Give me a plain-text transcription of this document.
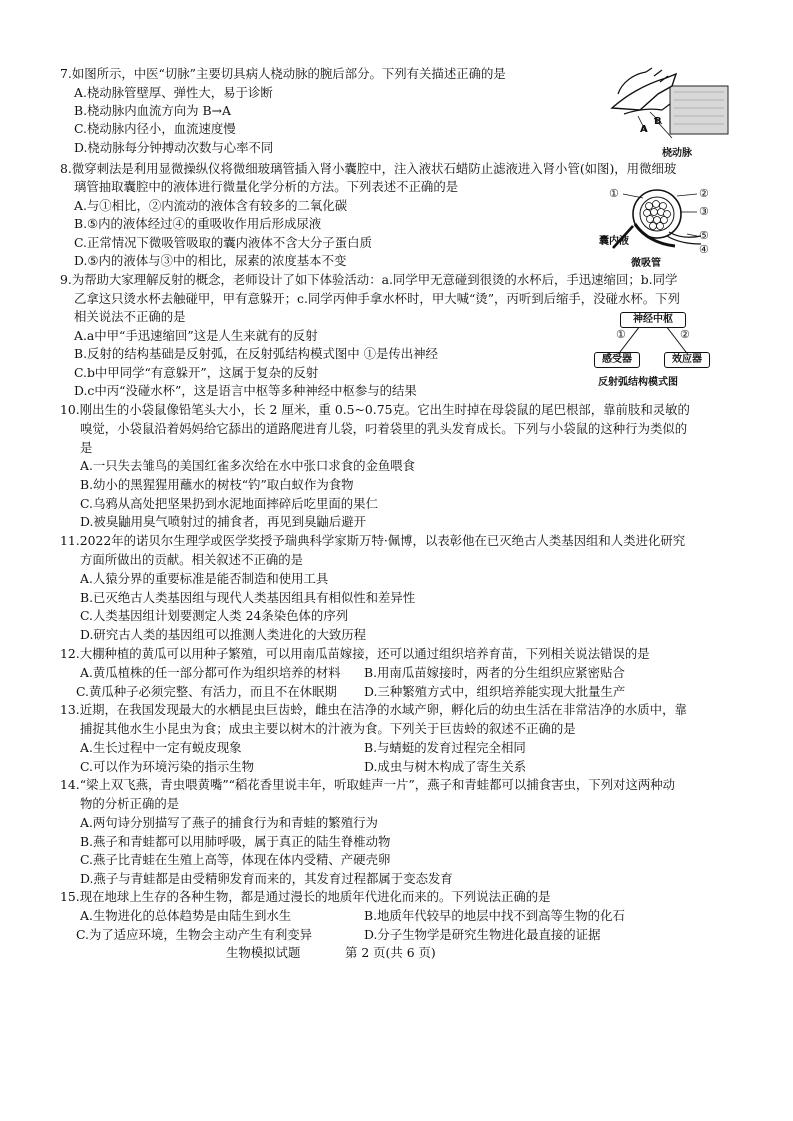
7.如图所示，中医“切脉”主要切具病人桡动脉的腕后部分。下列有关描述正确的是
A.桡动脉管壁厚、弹性大，易于诊断
B.桡动脉内血流方向为 B→A
C.桡动脉内径小，血流速度慢
D.桡动脉每分钟搏动次数与心率不同
A
B
桡动脉
8.微穿刺法是利用显微操纵仪将微细玻璃管插入肾小囊腔中，注入液状石蜡防止滤液进入肾小管(如图)，用微细玻
璃管抽取囊腔中的液体进行微量化学分析的方法。下列表述不正确的是
A.与①相比，②内流动的液体含有较多的二氧化碳
B.⑤内的液体经过④的重吸收作用后形成尿液
C.正常情况下微吸管吸取的囊内液体不含大分子蛋白质
D.⑤内的液体与③中的相比，尿素的浓度基本不变
①	②
③
⑤
④
囊内液
微吸管
9.为帮助大家理解反射的概念，老师设计了如下体验活动：a.同学甲无意碰到很烫的水杯后，手迅速缩回；b.同学
乙拿这只烫水杯去触碰甲，甲有意躲开；c.同学丙伸手拿水杯时，甲大喊“烫”，丙听到后缩手，没碰水杯。下列
相关说法不正确的是
A.a中甲“手迅速缩回”这是人生来就有的反射
B.反射的结构基础是反射弧，在反射弧结构模式图中 ①是传出神经
C.b中甲同学“有意躲开”，这属于复杂的反射
D.c中丙“没碰水杯”，这是语言中枢等多种神经中枢参与的结果
神经中枢
①	②
感受器	效应器
反射弧结构模式图
10.刚出生的小袋鼠像铅笔头大小，长 2 厘米，重 0.5~0.75克。它出生时掉在母袋鼠的尾巴根部，靠前肢和灵敏的
嗅觉，小袋鼠沿着妈妈给它舔出的道路爬进育儿袋，叼着袋里的乳头发育成长。下列与小袋鼠的这种行为类似的
是
A.一只失去雏鸟的美国红雀多次给在水中张口求食的金鱼喂食
B.幼小的黑猩猩用蘸水的树枝“钓”取白蚁作为食物
C.乌鸦从高处把坚果扔到水泥地面摔碎后吃里面的果仁
D.被臭鼬用臭气喷射过的捕食者，再见到臭鼬后避开
11.2022年的诺贝尔生理学或医学奖授予瑞典科学家斯万特·佩博，以表彰他在已灭绝古人类基因组和人类进化研究
方面所做出的贡献。相关叙述不正确的是
A.人猿分界的重要标准是能否制造和使用工具
B.已灭绝古人类基因组与现代人类基因组具有相似性和差异性
C.人类基因组计划要测定人类 24条染色体的序列
D.研究古人类的基因组可以推测人类进化的大致历程
12.大棚种植的黄瓜可以用种子繁殖，可以用南瓜苗嫁接，还可以通过组织培养育苗，下列相关说法错误的是
A.黄瓜植株的任一部分都可作为组织培养的材料 B.用南瓜苗嫁接时，两者的分生组织应紧密贴合
C.黄瓜种子必须完整、有活力，而且不在休眠期 D.三种繁殖方式中，组织培养能实现大批量生产
13.近期，在我国发现最大的水栖昆虫巨齿蛉，雌虫在洁净的水域产卵，孵化后的幼虫生活在非常洁净的水质中，靠
捕捉其他水生小昆虫为食；成虫主要以树木的汁液为食。下列关于巨齿蛉的叙述不正确的是
A.生长过程中一定有蜕皮现象	B.与蜻蜓的发育过程完全相同
C.可以作为环境污染的指示生物	D.成虫与树木构成了寄生关系
14.“梁上双飞燕，青虫喂黄嘴”“稻花香里说丰年，听取蛙声一片”，燕子和青蛙都可以捕食害虫，下列对这两种动
物的分析正确的是
A.两句诗分别描写了燕子的捕食行为和青蛙的繁殖行为
B.燕子和青蛙都可以用肺呼吸，属于真正的陆生脊椎动物
C.燕子比青蛙在生殖上高等，体现在体内受精、产硬壳卵
D.燕子与青蛙都是由受精卵发育而来的，其发育过程都属于变态发育
15.现在地球上生存的各种生物，都是通过漫长的地质年代进化而来的。下列说法正确的是
A.生物进化的总体趋势是由陆生到水生	B.地质年代较早的地层中找不到高等生物的化石
C.为了适应环境，生物会主动产生有利变异	D.分子生物学是研究生物进化最直接的证据
生物模拟试题	第 2 页(共 6 页)
